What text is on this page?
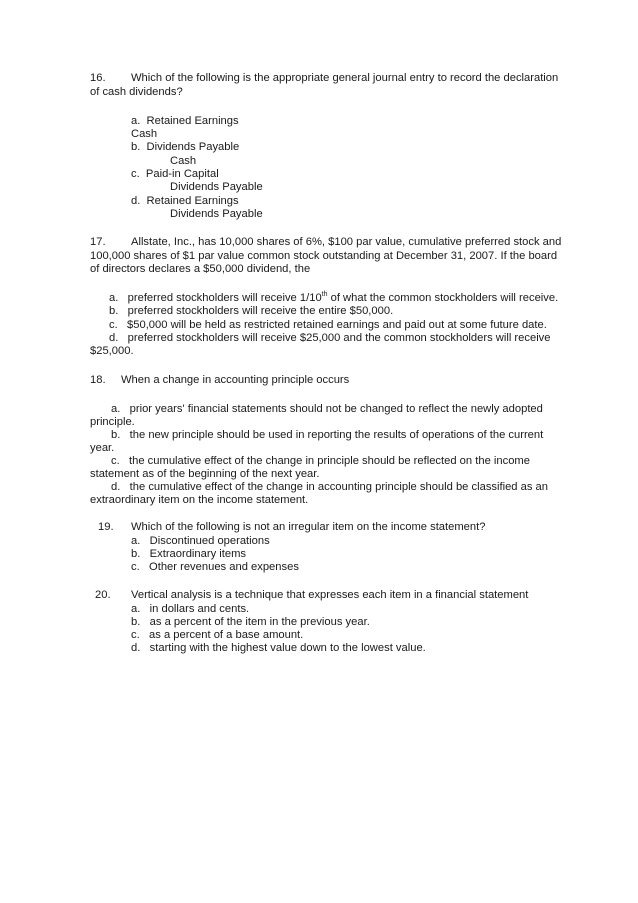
16. Which of the following is the appropriate general journal entry to record the declaration
of cash dividends?
a.  Retained Earnings
Cash
b.  Dividends Payable
Cash
c.  Paid-in Capital
Dividends Payable
d.  Retained Earnings
Dividends Payable
17. Allstate, Inc., has 10,000 shares of 6%, $100 par value, cumulative preferred stock and
100,000 shares of $1 par value common stock outstanding at December 31, 2007. If the board
of directors declares a $50,000 dividend, the
a.   preferred stockholders will receive 1/10th of what the common stockholders will receive.
b.   preferred stockholders will receive the entire $50,000.
c.   $50,000 will be held as restricted retained earnings and paid out at some future date.
d.   preferred stockholders will receive $25,000 and the common stockholders will receive
$25,000.
18. When a change in accounting principle occurs
a.   prior years' financial statements should not be changed to reflect the newly adopted
principle.
b.   the new principle should be used in reporting the results of operations of the current
year.
c.   the cumulative effect of the change in principle should be reflected on the income
statement as of the beginning of the next year.
d.   the cumulative effect of the change in accounting principle should be classified as an
extraordinary item on the income statement.
19. Which of the following is not an irregular item on the income statement?
a.   Discontinued operations
b.   Extraordinary items
c.   Other revenues and expenses
20. Vertical analysis is a technique that expresses each item in a financial statement
a.   in dollars and cents.
b.   as a percent of the item in the previous year.
c.   as a percent of a base amount.
d.   starting with the highest value down to the lowest value.
